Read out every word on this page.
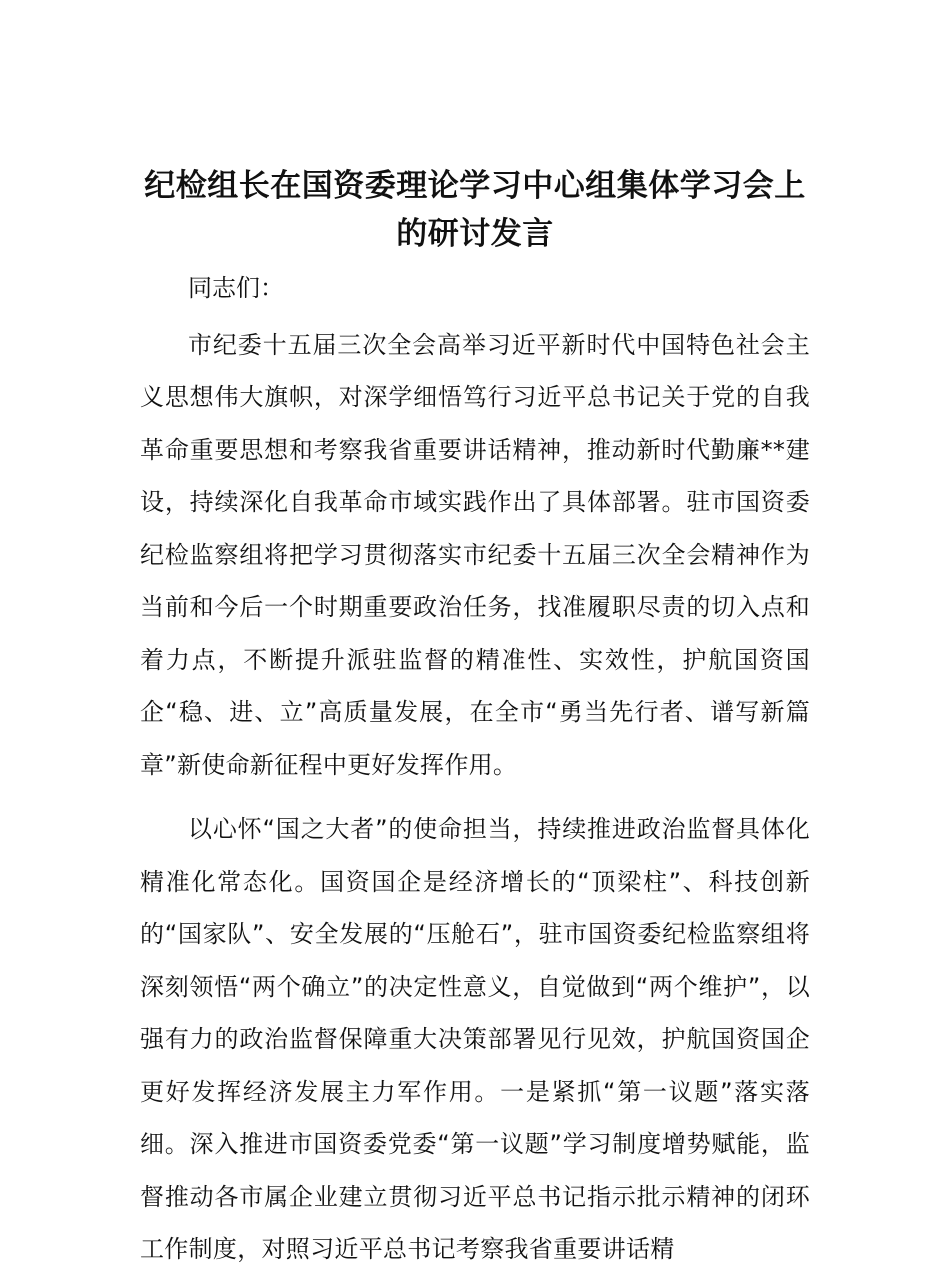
纪检组长在国资委理论学习中心组集体学习会上的研讨发言

同志们：

市纪委十五届三次全会高举习近平新时代中国特色社会主义思想伟大旗帜，对深学细悟笃行习近平总书记关于党的自我革命重要思想和考察我省重要讲话精神，推动新时代勤廉**建设，持续深化自我革命市域实践作出了具体部署。驻市国资委纪检监察组将把学习贯彻落实市纪委十五届三次全会精神作为当前和今后一个时期重要政治任务，找准履职尽责的切入点和着力点，不断提升派驻监督的精准性、实效性，护航国资国企“稳、进、立”高质量发展，在全市“勇当先行者、谱写新篇章”新使命新征程中更好发挥作用。

以心怀“国之大者”的使命担当，持续推进政治监督具体化精准化常态化。国资国企是经济增长的“顶梁柱”、科技创新的“国家队”、安全发展的“压舱石”，驻市国资委纪检监察组将深刻领悟“两个确立”的决定性意义，自觉做到“两个维护”，以强有力的政治监督保障重大决策部署见行见效，护航国资国企更好发挥经济发展主力军作用。一是紧抓“第一议题”落实落细。深入推进市国资委党委“第一议题”学习制度增势赋能，监督推动各市属企业建立贯彻习近平总书记指示批示精神的闭环工作制度，对照习近平总书记考察我省重要讲话精
